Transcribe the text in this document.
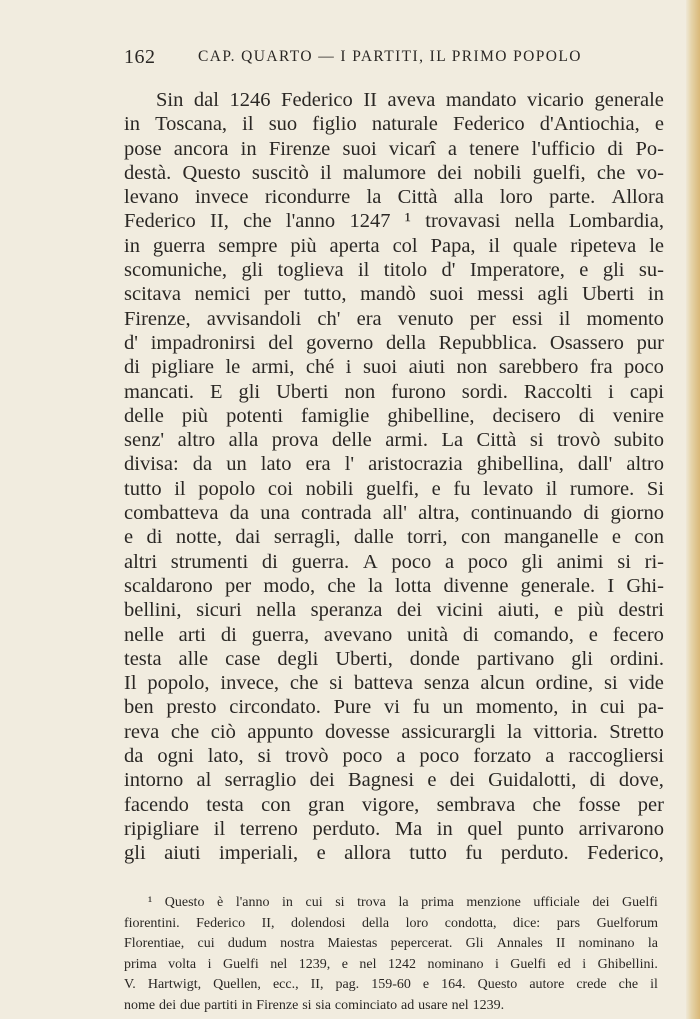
162	CAP. QUARTO — I PARTITI, IL PRIMO POPOLO
Sin dal 1246 Federico II aveva mandato vicario generale
in Toscana, il suo figlio naturale Federico d'Antiochia, e
pose ancora in Firenze suoi vicarî a tenere l'ufficio di Po-
destà. Questo suscitò il malumore dei nobili guelfi, che vo-
levano invece ricondurre la Città alla loro parte. Allora
Federico II, che l'anno 1247 ¹ trovavasi nella Lombardia,
in guerra sempre più aperta col Papa, il quale ripeteva le
scomuniche, gli toglieva il titolo d' Imperatore, e gli su-
scitava nemici per tutto, mandò suoi messi agli Uberti in
Firenze, avvisandoli ch' era venuto per essi il momento
d' impadronirsi del governo della Repubblica. Osassero pur
di pigliare le armi, ché i suoi aiuti non sarebbero fra poco
mancati. E gli Uberti non furono sordi. Raccolti i capi
delle più potenti famiglie ghibelline, decisero di venire
senz' altro alla prova delle armi. La Città si trovò subito
divisa: da un lato era l' aristocrazia ghibellina, dall' altro
tutto il popolo coi nobili guelfi, e fu levato il rumore. Si
combatteva da una contrada all' altra, continuando di giorno
e di notte, dai serragli, dalle torri, con manganelle e con
altri strumenti di guerra. A poco a poco gli animi si ri-
scaldarono per modo, che la lotta divenne generale. I Ghi-
bellini, sicuri nella speranza dei vicini aiuti, e più destri
nelle arti di guerra, avevano unità di comando, e fecero
testa alle case degli Uberti, donde partivano gli ordini.
Il popolo, invece, che si batteva senza alcun ordine, si vide
ben presto circondato. Pure vi fu un momento, in cui pa-
reva che ciò appunto dovesse assicurargli la vittoria. Stretto
da ogni lato, si trovò poco a poco forzato a raccogliersi
intorno al serraglio dei Bagnesi e dei Guidalotti, di dove,
facendo testa con gran vigore, sembrava che fosse per
ripigliare il terreno perduto. Ma in quel punto arrivarono
gli aiuti imperiali, e allora tutto fu perduto. Federico,
¹ Questo è l'anno in cui si trova la prima menzione ufficiale dei Guelfi
fiorentini. Federico II, dolendosi della loro condotta, dice: pars Guelforum
Florentiae, cui dudum nostra Maiestas pepercerat. Gli Annales II nominano la
prima volta i Guelfi nel 1239, e nel 1242 nominano i Guelfi ed i Ghibellini.
V. Hartwigt, Quellen, ecc., II, pag. 159-60 e 164. Questo autore crede che il
nome dei due partiti in Firenze si sia cominciato ad usare nel 1239.
